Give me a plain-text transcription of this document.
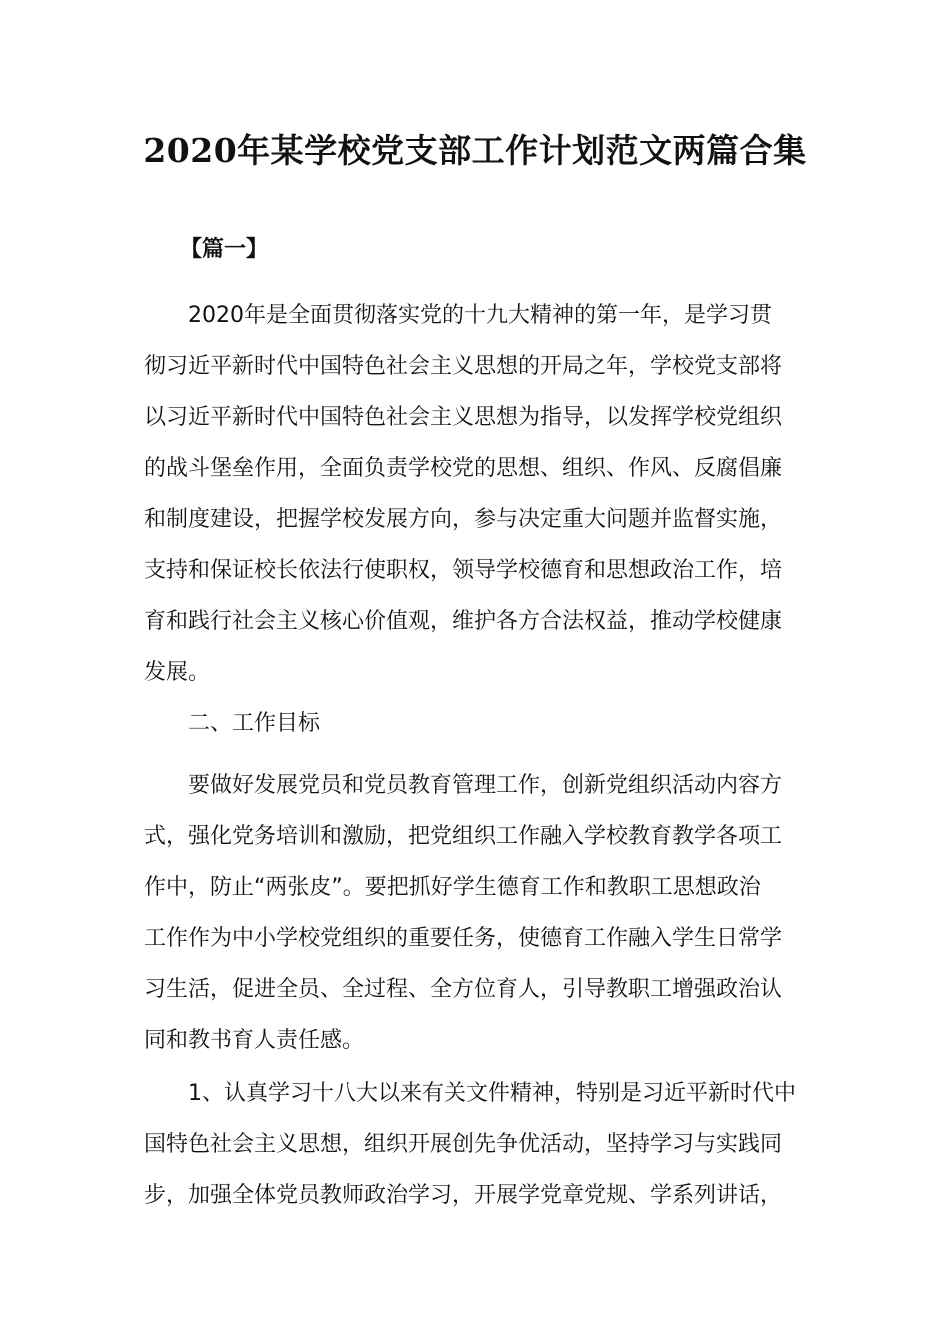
2020年某学校党支部工作计划范文两篇合集
【篇一】
2020年是全面贯彻落实党的十九大精神的第一年，是学习贯
彻习近平新时代中国特色社会主义思想的开局之年，学校党支部将
以习近平新时代中国特色社会主义思想为指导，以发挥学校党组织
的战斗堡垒作用，全面负责学校党的思想、组织、作风、反腐倡廉
和制度建设，把握学校发展方向，参与决定重大问题并监督实施，
支持和保证校长依法行使职权，领导学校德育和思想政治工作，培
育和践行社会主义核心价值观，维护各方合法权益，推动学校健康
发展。
二、工作目标
要做好发展党员和党员教育管理工作，创新党组织活动内容方
式，强化党务培训和激励，把党组织工作融入学校教育教学各项工
作中，防止“两张皮”。要把抓好学生德育工作和教职工思想政治
工作作为中小学校党组织的重要任务，使德育工作融入学生日常学
习生活，促进全员、全过程、全方位育人，引导教职工增强政治认
同和教书育人责任感。
1、认真学习十八大以来有关文件精神，特别是习近平新时代中
国特色社会主义思想，组织开展创先争优活动，坚持学习与实践同
步，加强全体党员教师政治学习，开展学党章党规、学系列讲话，
